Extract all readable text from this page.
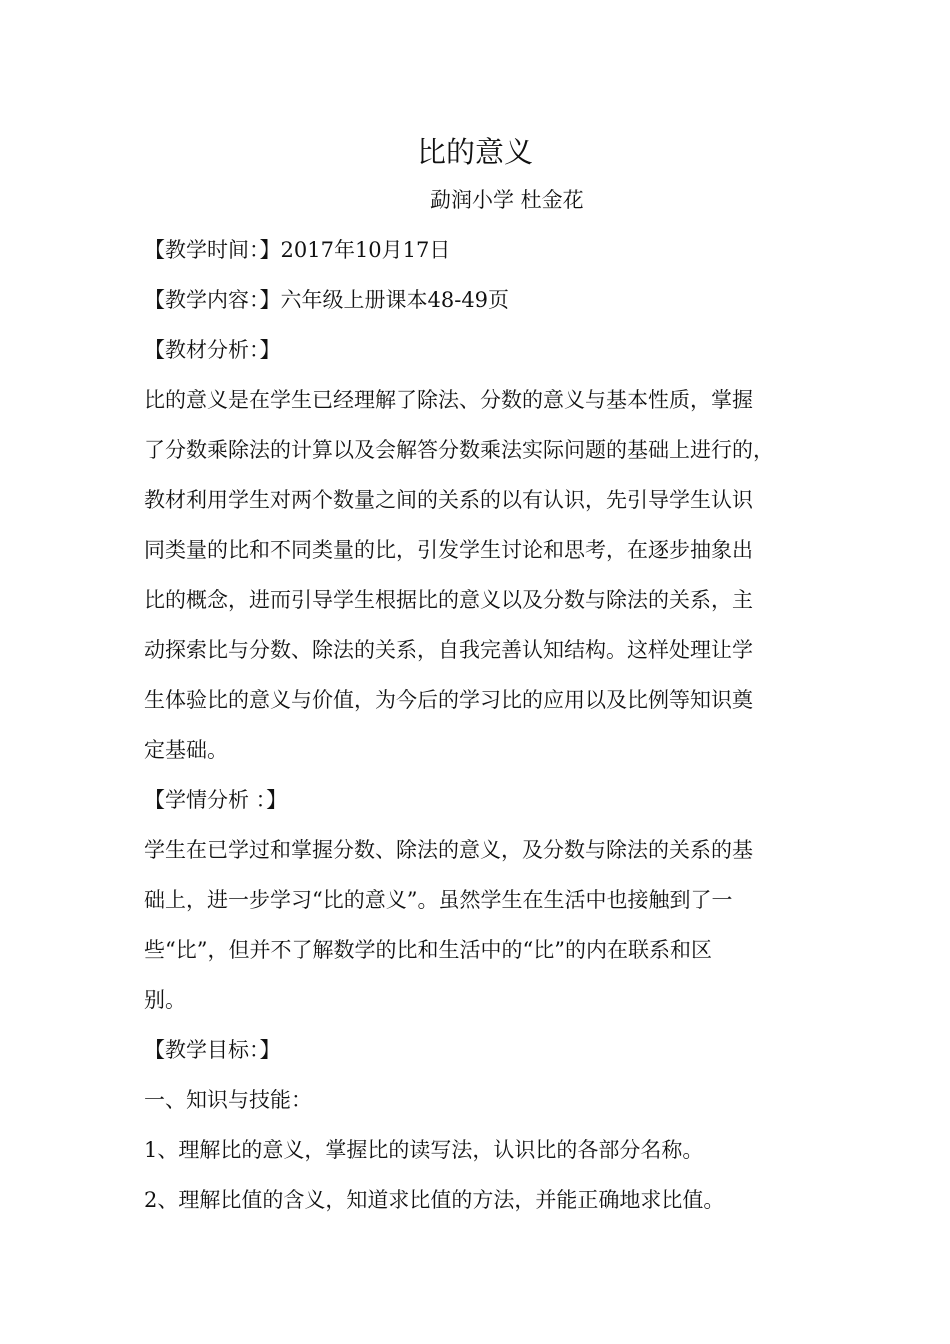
比的意义
勐润小学 杜金花
【教学时间：】2017年10月17日
【教学内容：】六年级上册课本48-49页
【教材分析：】
比的意义是在学生已经理解了除法、分数的意义与基本性质，掌握
了分数乘除法的计算以及会解答分数乘法实际问题的基础上进行的，
教材利用学生对两个数量之间的关系的以有认识，先引导学生认识
同类量的比和不同类量的比，引发学生讨论和思考，在逐步抽象出
比的概念，进而引导学生根据比的意义以及分数与除法的关系，主
动探索比与分数、除法的关系，自我完善认知结构。这样处理让学
生体验比的意义与价值，为今后的学习比的应用以及比例等知识奠
定基础。
【学情分析 ：】
学生在已学过和掌握分数、除法的意义，及分数与除法的关系的基
础上，进一步学习“比的意义”。虽然学生在生活中也接触到了一
些“比”，但并不了解数学的比和生活中的“比”的内在联系和区
别。
【教学目标：】
一、知识与技能：
1、理解比的意义，掌握比的读写法，认识比的各部分名称。
2、理解比值的含义，知道求比值的方法，并能正确地求比值。
